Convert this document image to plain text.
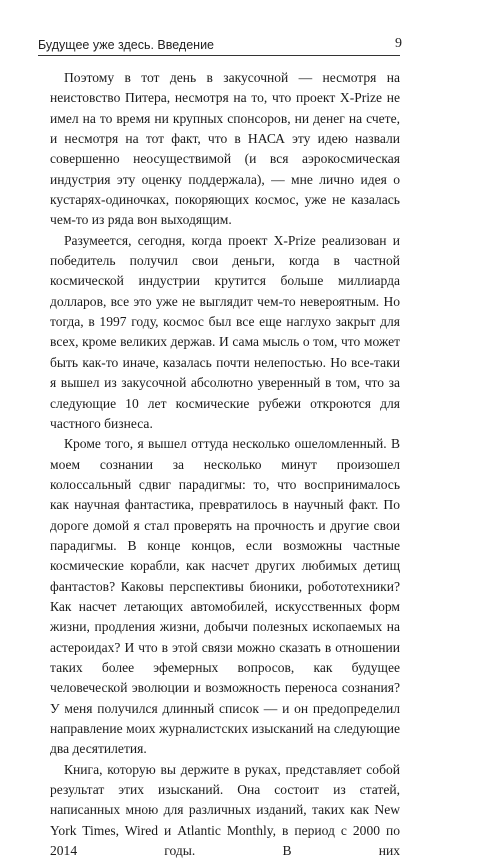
Будущее уже здесь. Введение	9

Поэтому в тот день в закусочной — несмотря на неистовство Питера, несмотря на то, что проект X-Prize не имел на то время ни крупных спонсоров, ни денег на счете, и несмотря на тот факт, что в НАСА эту идею назвали совершенно неосуществимой (и вся аэрокосмическая индустрия эту оценку поддержала), — мне лично идея о кустарях-одиночках, покоряющих космос, уже не казалась чем-то из ряда вон выходящим.

Разумеется, сегодня, когда проект X-Prize реализован и победитель получил свои деньги, когда в частной космической индустрии крутится больше миллиарда долларов, все это уже не выглядит чем-то невероятным. Но тогда, в 1997 году, космос был все еще наглухо закрыт для всех, кроме великих держав. И сама мысль о том, что может быть как-то иначе, казалась почти нелепостью. Но все-таки я вышел из закусочной абсолютно уверенный в том, что за следующие 10 лет космические рубежи откроются для частного бизнеса.

Кроме того, я вышел оттуда несколько ошеломленный. В моем сознании за несколько минут произошел колоссальный сдвиг парадигмы: то, что воспринималось как научная фантастика, превратилось в научный факт. По дороге домой я стал проверять на прочность и другие свои парадигмы. В конце концов, если возможны частные космические корабли, как насчет других любимых детищ фантастов? Каковы перспективы бионики, робототехники? Как насчет летающих автомобилей, искусственных форм жизни, продления жизни, добычи полезных ископаемых на астероидах? И что в этой связи можно сказать в отношении таких более эфемерных вопросов, как будущее человеческой эволюции и возможность переноса сознания? У меня получился длинный список — и он предопределил направление моих журналистских изысканий на следующие два десятилетия.

Книга, которую вы держите в руках, представляет собой результат этих изысканий. Она состоит из статей, написанных мною для различных изданий, таких как New York Times, Wired и Atlantic Monthly, в период с 2000 по 2014 годы. В них
